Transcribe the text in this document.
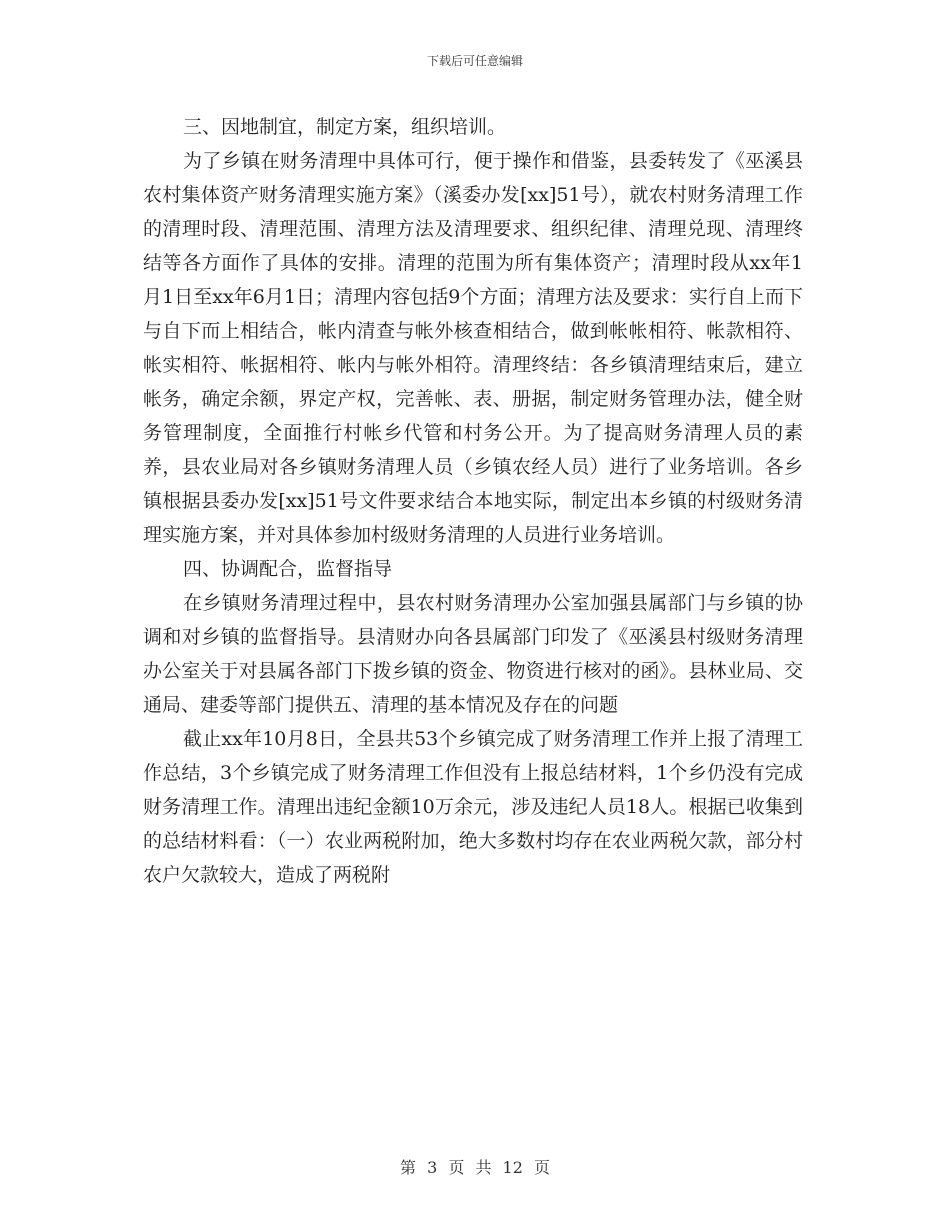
下载后可任意编辑

三、因地制宜，制定方案，组织培训。

为了乡镇在财务清理中具体可行，便于操作和借鉴，县委转发了《巫溪县农村集体资产财务清理实施方案》（溪委办发[xx]51号），就农村财务清理工作的清理时段、清理范围、清理方法及清理要求、组织纪律、清理兑现、清理终结等各方面作了具体的安排。清理的范围为所有集体资产；清理时段从xx年1月1日至xx年6月1日；清理内容包括9个方面；清理方法及要求：实行自上而下与自下而上相结合，帐内清查与帐外核查相结合，做到帐帐相符、帐款相符、帐实相符、帐据相符、帐内与帐外相符。清理终结：各乡镇清理结束后，建立帐务，确定余额，界定产权，完善帐、表、册据，制定财务管理办法，健全财务管理制度，全面推行村帐乡代管和村务公开。为了提高财务清理人员的素养，县农业局对各乡镇财务清理人员（乡镇农经人员）进行了业务培训。各乡镇根据县委办发[xx]51号文件要求结合本地实际，制定出本乡镇的村级财务清理实施方案，并对具体参加村级财务清理的人员进行业务培训。

四、协调配合，监督指导

在乡镇财务清理过程中，县农村财务清理办公室加强县属部门与乡镇的协调和对乡镇的监督指导。县清财办向各县属部门印发了《巫溪县村级财务清理办公室关于对县属各部门下拨乡镇的资金、物资进行核对的函》。县林业局、交通局、建委等部门提供五、清理的基本情况及存在的问题

截止xx年10月8日，全县共53个乡镇完成了财务清理工作并上报了清理工作总结，3个乡镇完成了财务清理工作但没有上报总结材料，1个乡仍没有完成财务清理工作。清理出违纪金额10万余元，涉及违纪人员18人。根据已收集到的总结材料看：（一）农业两税附加，绝大多数村均存在农业两税欠款，部分村农户欠款较大，造成了两税附

第 3 页 共 12 页
